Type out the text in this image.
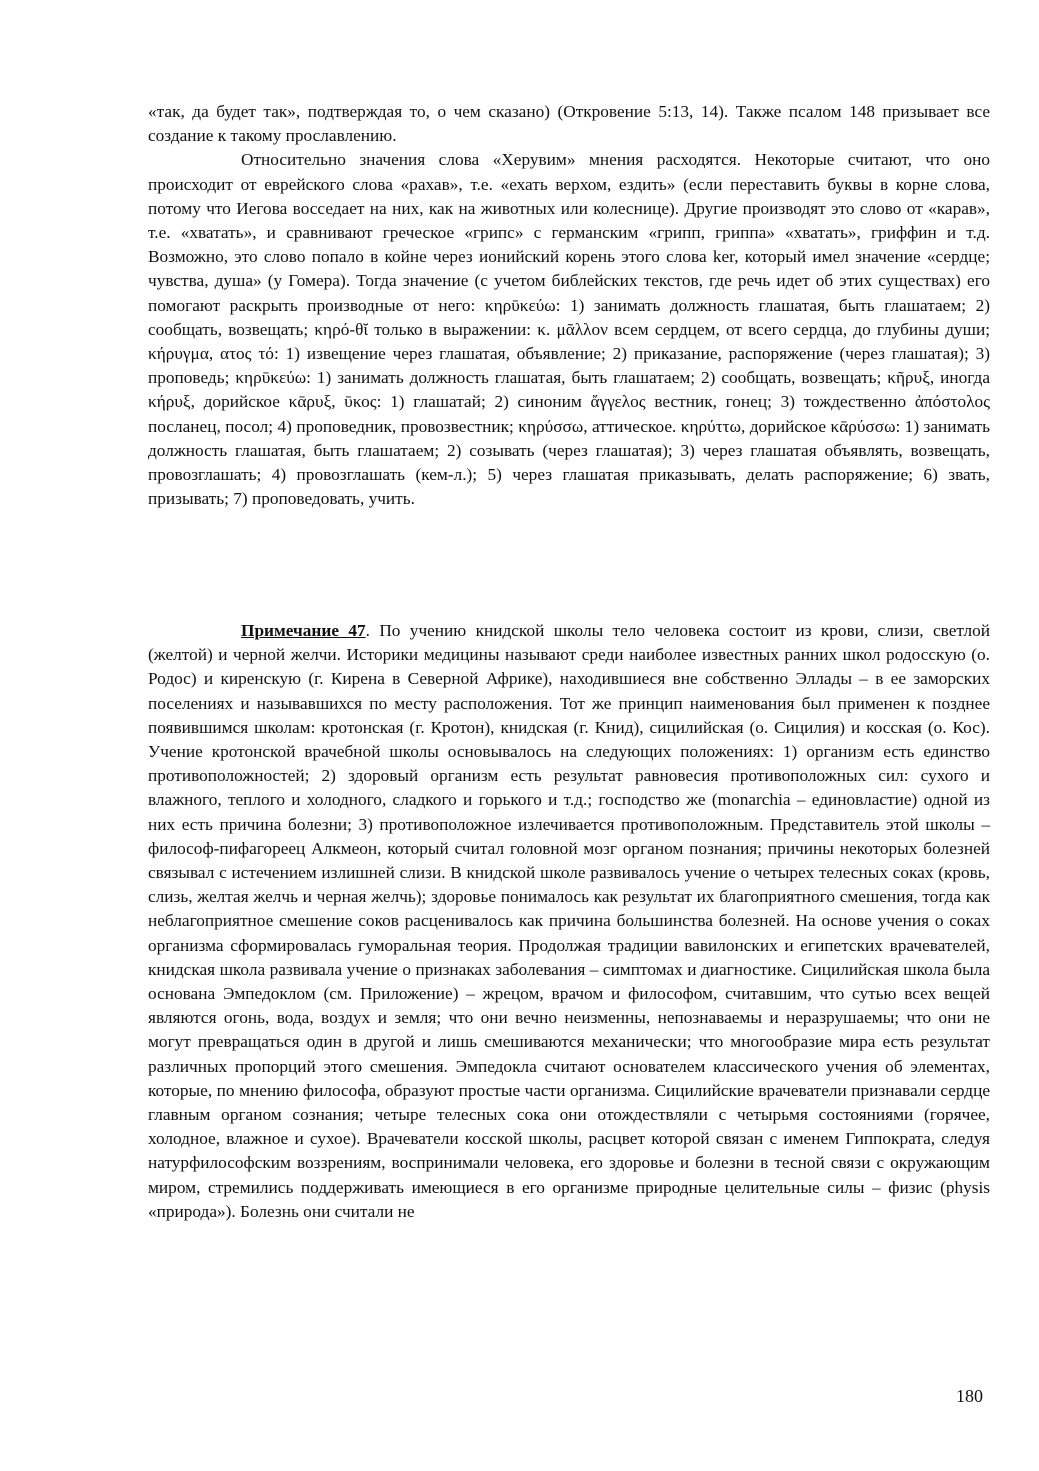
«так, да будет так», подтверждая то, о чем сказано) (Откровение 5:13, 14). Также псалом 148 призывает все создание к такому прославлению.

Относительно значения слова «Херувим» мнения расходятся. Некоторые считают, что оно происходит от еврейского слова «рахав», т.е. «ехать верхом, ездить» (если переставить буквы в корне слова, потому что Иегова восседает на них, как на животных или колеснице). Другие производят это слово от «карав», т.е. «хватать», и сравнивают греческое «грипс» с германским «грипп, гриппа» «хватать», гриффин и т.д. Возможно, это слово попало в койне через ионийский корень этого слова ker, который имел значение «сердце; чувства, душа» (у Гомера). Тогда значение (с учетом библейских текстов, где речь идет об этих существах) его помогают раскрыть производные от него: κηρῡκεύω: 1) занимать должность глашатая, быть глашатаем; 2) сообщать, возвещать; κηρό-θῐ только в выражении: κ. μᾶλλον всем сердцем, от всего сердца, до глубины души; κήρυγμα, ατος τό: 1) извещение через глашатая, объявление; 2) приказание, распоряжение (через глашатая); 3) проповедь; κηρῡκεύω: 1) занимать должность глашатая, быть глашатаем; 2) сообщать, возвещать; κῆρυξ, иногда κήρυξ, дорийское κᾱρυξ, ῡκος: 1) глашатай; 2) синоним ἄγγελος вестник, гонец; 3) тождественно ἀπόστολος посланец, посол; 4) проповедник, провозвестник; κηρύσσω, аттическое. κηρύττω, дорийское κᾱρύσσω: 1) занимать должность глашатая, быть глашатаем; 2) созывать (через глашатая); 3) через глашатая объявлять, возвещать, провозглашать; 4) провозглашать (кем-л.); 5) через глашатая приказывать, делать распоряжение; 6) звать, призывать; 7) проповедовать, учить.

Примечание 47. По учению книдской школы тело человека состоит из крови, слизи, светлой (желтой) и черной желчи. Историки медицины называют среди наиболее известных ранних школ родосскую (о. Родос) и киренскую (г. Кирена в Северной Африке), находившиеся вне собственно Эллады – в ее заморских поселениях и называвшихся по месту расположения. Тот же принцип наименования был применен к позднее появившимся школам: кротонская (г. Кротон), книдская (г. Книд), сицилийская (о. Сицилия) и косская (о. Кос). Учение кротонской врачебной школы основывалось на следующих положениях: 1) организм есть единство противоположностей; 2) здоровый организм есть результат равновесия противоположных сил: сухого и влажного, теплого и холодного, сладкого и горького и т.д.; господство же (monarchia – единовластие) одной из них есть причина болезни; 3) противоположное излечивается противоположным. Представитель этой школы – философ-пифагореец Алкмеон, который считал головной мозг органом познания; причины некоторых болезней связывал с истечением излишней слизи. В книдской школе развивалось учение о четырех телесных соках (кровь, слизь, желтая желчь и черная желчь); здоровье понималось как результат их благоприятного смешения, тогда как неблагоприятное смешение соков расценивалось как причина большинства болезней. На основе учения о соках организма сформировалась гуморальная теория. Продолжая традиции вавилонских и египетских врачевателей, книдская школа развивала учение о признаках заболевания – симптомах и диагностике. Сицилийская школа была основана Эмпедоклом (см. Приложение) – жрецом, врачом и философом, считавшим, что сутью всех вещей являются огонь, вода, воздух и земля; что они вечно неизменны, непознаваемы и неразрушаемы; что они не могут превращаться один в другой и лишь смешиваются механически; что многообразие мира есть результат различных пропорций этого смешения. Эмпедокла считают основателем классического учения об элементах, которые, по мнению философа, образуют простые части организма. Сицилийские врачеватели признавали сердце главным органом сознания; четыре телесных сока они отождествляли с четырьмя состояниями (горячее, холодное, влажное и сухое). Врачеватели косской школы, расцвет которой связан с именем Гиппократа, следуя натурфилософским воззрениям, воспринимали человека, его здоровье и болезни в тесной связи с окружающим миром, стремились поддерживать имеющиеся в его организме природные целительные силы – физис (physis «природа»). Болезнь они считали не

180
